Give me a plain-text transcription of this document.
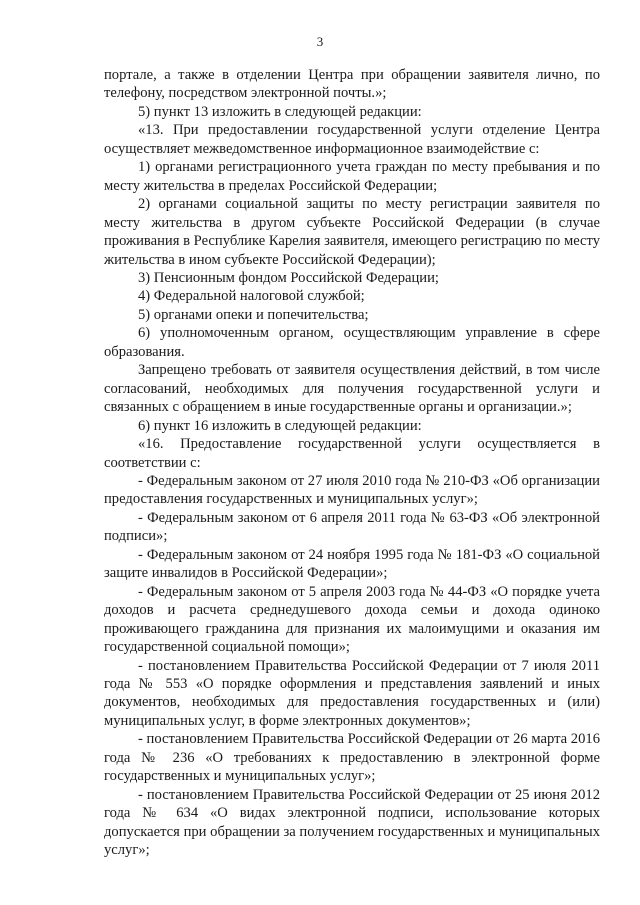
3

порталe, а также в отделении Центра при обращении заявителя лично, по телефону, посредством электронной почты.»;

5) пункт 13 изложить в следующей редакции:

«13. При предоставлении государственной услуги отделение Центра осуществляет межведомственное информационное взаимодействие с:

1) органами регистрационного учета граждан по месту пребывания и по месту жительства в пределах Российской Федерации;

2) органами социальной защиты по месту регистрации заявителя по месту жительства в другом субъекте Российской Федерации (в случае проживания в Республике Карелия заявителя, имеющего регистрацию по месту жительства в ином субъекте Российской Федерации);

3) Пенсионным фондом Российской Федерации;

4) Федеральной налоговой службой;

5) органами опеки и попечительства;

6) уполномоченным органом, осуществляющим управление в сфере образования.

Запрещено требовать от заявителя осуществления действий, в том числе согласований, необходимых для получения государственной услуги и связанных с обращением в иные государственные органы и организации.»;

6) пункт 16 изложить в следующей редакции:

«16. Предоставление государственной услуги осуществляется в соответствии с:

- Федеральным законом от 27 июля 2010 года № 210-ФЗ «Об организации предоставления государственных и муниципальных услуг»;

- Федеральным законом от 6 апреля 2011 года № 63-ФЗ «Об электронной подписи»;

- Федеральным законом от 24 ноября 1995 года № 181-ФЗ «О социальной защите инвалидов в Российской Федерации»;

- Федеральным законом от 5 апреля 2003 года № 44-ФЗ «О порядке учета доходов и расчета среднедушевого дохода семьи и дохода одиноко проживающего гражданина для признания их малоимущими и оказания им государственной социальной помощи»;

- постановлением Правительства Российской Федерации от 7 июля 2011 года № 553 «О порядке оформления и представления заявлений и иных документов, необходимых для предоставления государственных и (или) муниципальных услуг, в форме электронных документов»;

- постановлением Правительства Российской Федерации от 26 марта 2016 года № 236 «О требованиях к предоставлению в электронной форме государственных и муниципальных услуг»;

- постановлением Правительства Российской Федерации от 25 июня 2012 года № 634 «О видах электронной подписи, использование которых допускается при обращении за получением государственных и муниципальных услуг»;
